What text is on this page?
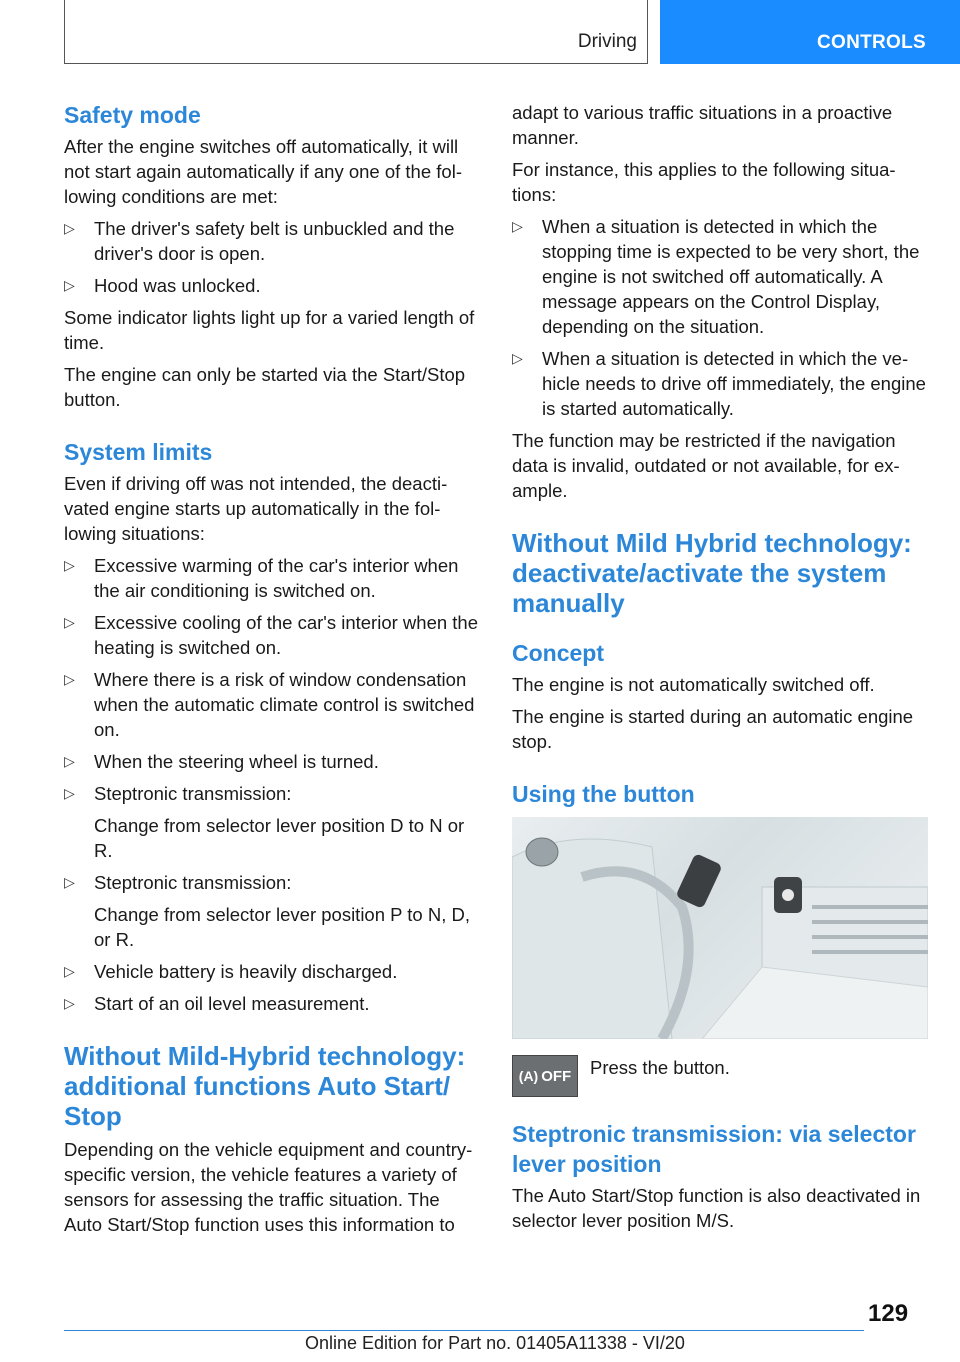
Driving	CONTROLS
Safety mode

After the engine switches off automatically, it will not start again automatically if any one of the following conditions are met:

▷ The driver's safety belt is unbuckled and the driver's door is open.
▷ Hood was unlocked.

Some indicator lights light up for a varied length of time.

The engine can only be started via the Start/Stop button.

System limits

Even if driving off was not intended, the deactivated engine starts up automatically in the following situations:

▷ Excessive warming of the car's interior when the air conditioning is switched on.
▷ Excessive cooling of the car's interior when the heating is switched on.
▷ Where there is a risk of window condensation when the automatic climate control is switched on.
▷ When the steering wheel is turned.
▷ Steptronic transmission:
Change from selector lever position D to N or R.
▷ Steptronic transmission:
Change from selector lever position P to N, D, or R.
▷ Vehicle battery is heavily discharged.
▷ Start of an oil level measurement.
Without Mild-Hybrid technology: additional functions Auto Start/ Stop

Depending on the vehicle equipment and country-specific version, the vehicle features a variety of sensors for assessing the traffic situation. The Auto Start/Stop function uses this information to

adapt to various traffic situations in a proactive manner.

For instance, this applies to the following situations:

▷ When a situation is detected in which the stopping time is expected to be very short, the engine is not switched off automatically. A message appears on the Control Display, depending on the situation.
▷ When a situation is detected in which the vehicle needs to drive off immediately, the engine is started automatically.

The function may be restricted if the navigation data is invalid, outdated or not available, for example.

Without Mild Hybrid technology: deactivate/activate the system manually
Concept

The engine is not automatically switched off.

The engine is started during an automatic engine stop.

Using the button
(A) OFF Press the button.
Steptronic transmission: via selector lever position

The Auto Start/Stop function is also deactivated in selector lever position M/S.

129
Online Edition for Part no. 01405A11338 - VI/20
